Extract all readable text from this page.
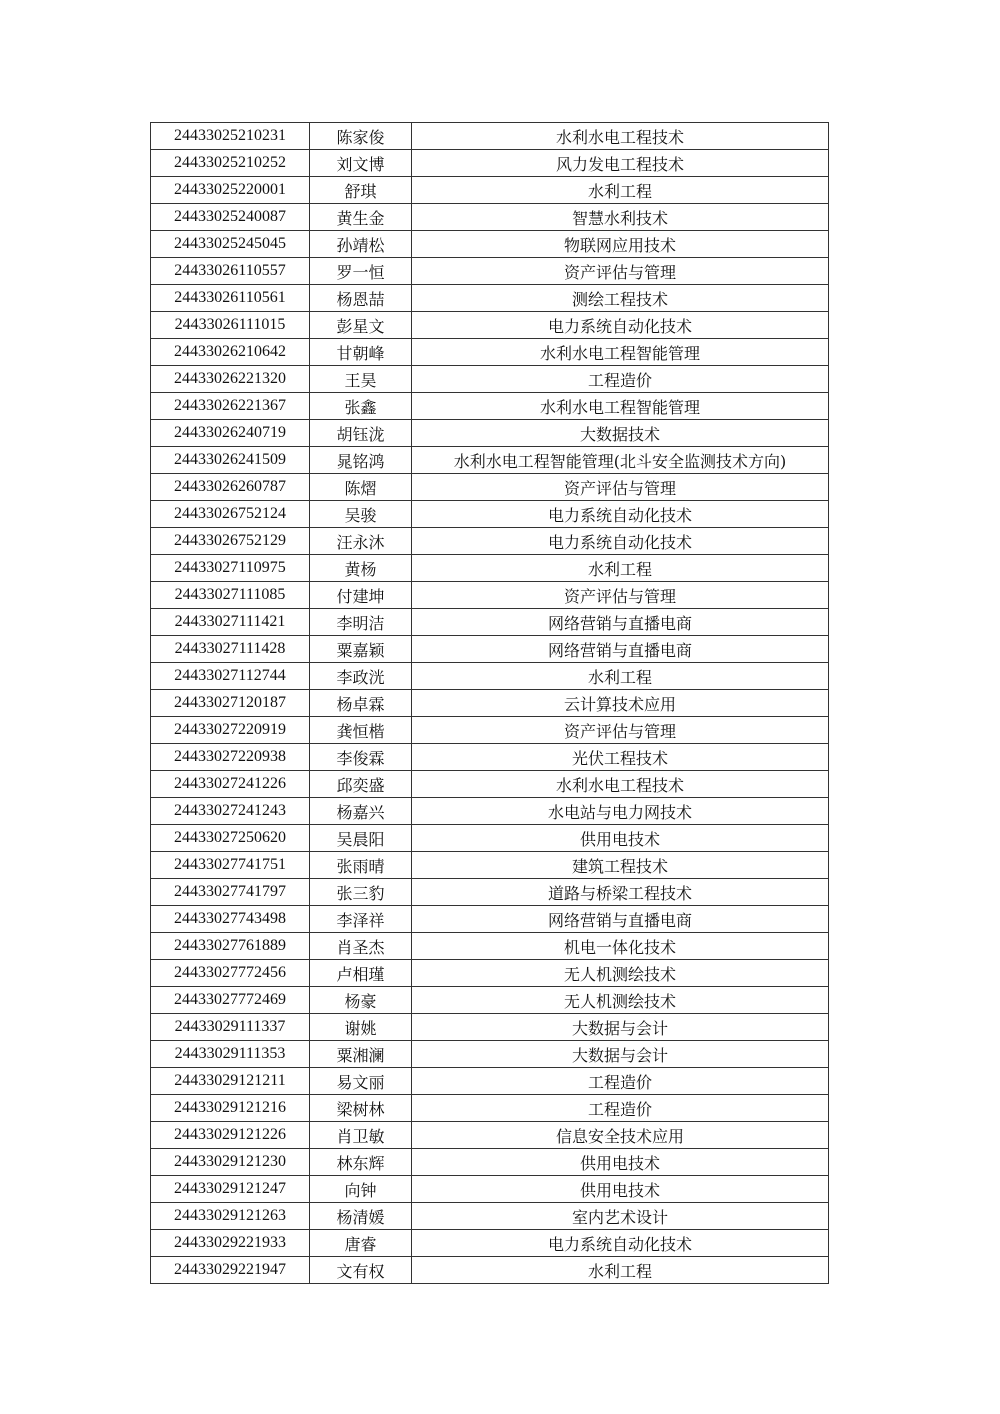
24433025210231	陈家俊	水利水电工程技术
24433025210252	刘文博	风力发电工程技术
24433025220001	舒琪	水利工程
24433025240087	黄生金	智慧水利技术
24433025245045	孙靖松	物联网应用技术
24433026110557	罗一恒	资产评估与管理
24433026110561	杨恩喆	测绘工程技术
24433026111015	彭星文	电力系统自动化技术
24433026210642	甘朝峰	水利水电工程智能管理
24433026221320	王昊	工程造价
24433026221367	张鑫	水利水电工程智能管理
24433026240719	胡钰泷	大数据技术
24433026241509	晁铭鸿	水利水电工程智能管理(北斗安全监测技术方向)
24433026260787	陈熠	资产评估与管理
24433026752124	吴骏	电力系统自动化技术
24433026752129	汪永沐	电力系统自动化技术
24433027110975	黄杨	水利工程
24433027111085	付建坤	资产评估与管理
24433027111421	李明洁	网络营销与直播电商
24433027111428	粟嘉颖	网络营销与直播电商
24433027112744	李政洸	水利工程
24433027120187	杨卓霖	云计算技术应用
24433027220919	龚恒楷	资产评估与管理
24433027220938	李俊霖	光伏工程技术
24433027241226	邱奕盛	水利水电工程技术
24433027241243	杨嘉兴	水电站与电力网技术
24433027250620	吴晨阳	供用电技术
24433027741751	张雨晴	建筑工程技术
24433027741797	张三豹	道路与桥梁工程技术
24433027743498	李泽祥	网络营销与直播电商
24433027761889	肖圣杰	机电一体化技术
24433027772456	卢相瑾	无人机测绘技术
24433027772469	杨豪	无人机测绘技术
24433029111337	谢姚	大数据与会计
24433029111353	粟湘澜	大数据与会计
24433029121211	易文丽	工程造价
24433029121216	梁树林	工程造价
24433029121226	肖卫敏	信息安全技术应用
24433029121230	林东辉	供用电技术
24433029121247	向钟	供用电技术
24433029121263	杨清媛	室内艺术设计
24433029221933	唐睿	电力系统自动化技术
24433029221947	文有权	水利工程
